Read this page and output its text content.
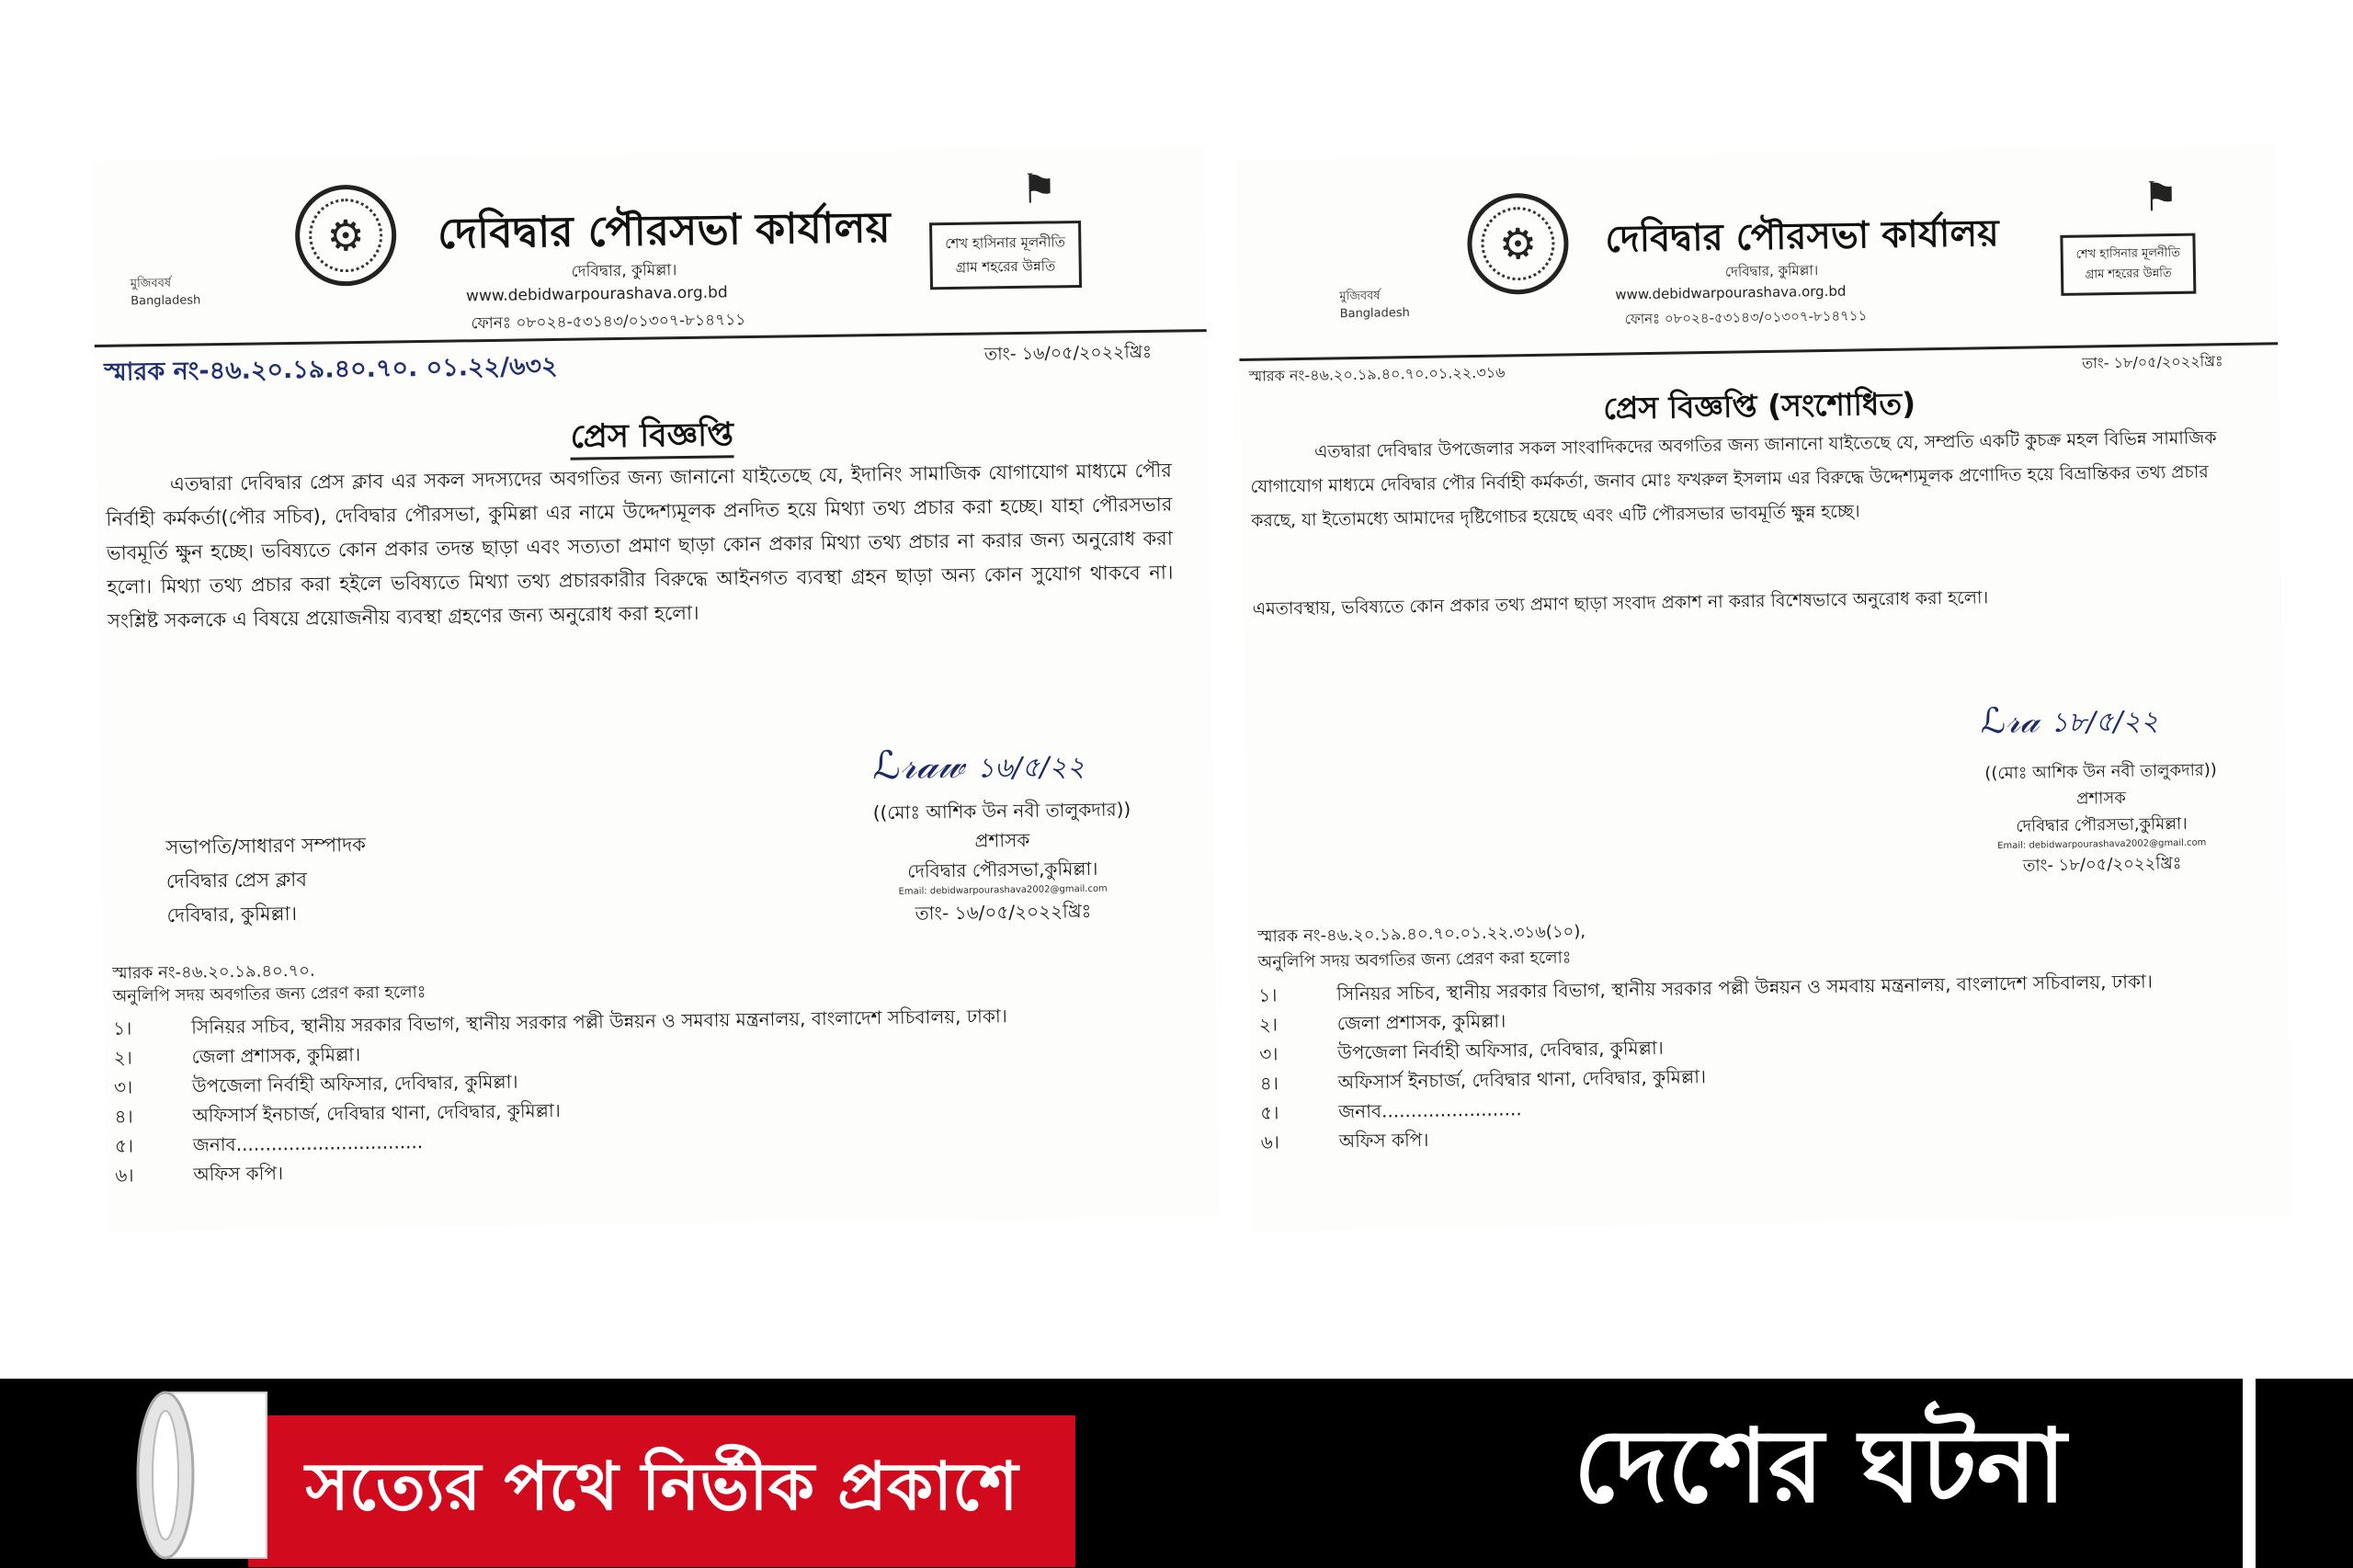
মুজিববর্ষ
Bangladesh
⚙ দেবিদ্বার পৌরসভা কার্যালয়
দেবিদ্বার, কুমিল্লা।
www.debidwarpourashava.org.bd
ফোনঃ ০৮০২৪-৫৩১৪৩/০১৩০৭-৮১৪৭১১
⚑
শেখ হাসিনার মূলনীতি
গ্রাম শহরের উন্নতি
স্মারক নং-৪৬.২০.১৯.৪০.৭০. ০১.২২/৬৩২	তাং- ১৬/০৫/২০২২খ্রিঃ
প্রেস বিজ্ঞপ্তি
এতদ্বারা দেবিদ্বার প্রেস ক্লাব এর সকল সদস্যদের অবগতির জন্য জানানো যাইতেছে যে, ইদানিং সামাজিক যোগাযোগ মাধ্যমে পৌর নির্বাহী কর্মকর্তা(পৌর সচিব), দেবিদ্বার পৌরসভা, কুমিল্লা এর নামে উদ্দেশ্যমূলক প্রনদিত হয়ে মিথ্যা তথ্য প্রচার করা হচ্ছে। যাহা পৌরসভার ভাবমূর্তি ক্ষুন হচ্ছে। ভবিষ্যতে কোন প্রকার তদন্ত ছাড়া এবং সত্যতা প্রমাণ ছাড়া কোন প্রকার মিথ্যা তথ্য প্রচার না করার জন্য অনুরোধ করা হলো। মিথ্যা তথ্য প্রচার করা হইলে ভবিষ্যতে মিথ্যা তথ্য প্রচারকারীর বিরুদ্ধে আইনগত ব্যবস্থা গ্রহন ছাড়া অন্য কোন সুযোগ থাকবে না। সংশ্লিষ্ট সকলকে এ বিষয়ে প্রয়োজনীয় ব্যবস্থা গ্রহণের জন্য অনুরোধ করা হলো।
ℒ𝓇𝒶𝓌 ১৬/৫/২২
((মোঃ আশিক উন নবী তালুকদার))
প্রশাসক
দেবিদ্বার পৌরসভা,কুমিল্লা।
Email: debidwarpourashava2002@gmail.com
তাং- ১৬/০৫/২০২২খ্রিঃ
সভাপতি/সাধারণ সম্পাদক
দেবিদ্বার প্রেস ক্লাব
দেবিদ্বার, কুমিল্লা।
স্মারক নং-৪৬.২০.১৯.৪০.৭০.
অনুলিপি সদয় অবগতির জন্য প্রেরণ করা হলোঃ
১।	সিনিয়র সচিব, স্থানীয় সরকার বিভাগ, স্থানীয় সরকার পল্লী উন্নয়ন ও সমবায় মন্ত্রনালয়, বাংলাদেশ সচিবালয়, ঢাকা।
২।	জেলা প্রশাসক, কুমিল্লা।
৩।	উপজেলা নির্বাহী অফিসার, দেবিদ্বার, কুমিল্লা।
৪।	অফিসার্স ইনচার্জ, দেবিদ্বার থানা, দেবিদ্বার, কুমিল্লা।
৫।	জনাব................................
৬।	অফিস কপি।
মুজিববর্ষ
Bangladesh
⚙ দেবিদ্বার পৌরসভা কার্যালয়
দেবিদ্বার, কুমিল্লা।
www.debidwarpourashava.org.bd
ফোনঃ ০৮০২৪-৫৩১৪৩/০১৩০৭-৮১৪৭১১
⚑
শেখ হাসিনার মূলনীতি
গ্রাম শহরের উন্নতি
স্মারক নং-৪৬.২০.১৯.৪০.৭০.০১.২২.৩১৬
তাং- ১৮/০৫/২০২২খ্রিঃ
প্রেস বিজ্ঞপ্তি (সংশোধিত)
এতদ্বারা দেবিদ্বার উপজেলার সকল সাংবাদিকদের অবগতির জন্য জানানো যাইতেছে যে, সম্প্রতি একটি কুচক্র মহল বিভিন্ন সামাজিক যোগাযোগ মাধ্যমে দেবিদ্বার পৌর নির্বাহী কর্মকর্তা, জনাব মোঃ ফখরুল ইসলাম এর বিরুদ্ধে উদ্দেশ্যমূলক প্রণোদিত হয়ে বিভ্রান্তিকর তথ্য প্রচার করছে, যা ইতোমধ্যে আমাদের দৃষ্টিগোচর হয়েছে এবং এটি পৌরসভার ভাবমূর্তি ক্ষুন্ন হচ্ছে।
এমতাবস্থায়, ভবিষ্যতে কোন প্রকার তথ্য প্রমাণ ছাড়া সংবাদ প্রকাশ না করার বিশেষভাবে অনুরোধ করা হলো।
ℒ𝓇𝒶 ১৮/৫/২২
((মোঃ আশিক উন নবী তালুকদার))
প্রশাসক
দেবিদ্বার পৌরসভা,কুমিল্লা।
Email: debidwarpourashava2002@gmail.com
তাং- ১৮/০৫/২০২২খ্রিঃ
স্মারক নং-৪৬.২০.১৯.৪০.৭০.০১.২২.৩১৬(১০),
অনুলিপি সদয় অবগতির জন্য প্রেরণ করা হলোঃ
১।	সিনিয়র সচিব, স্থানীয় সরকার বিভাগ, স্থানীয় সরকার পল্লী উন্নয়ন ও সমবায় মন্ত্রনালয়, বাংলাদেশ সচিবালয়, ঢাকা।
২।	জেলা প্রশাসক, কুমিল্লা।
৩।	উপজেলা নির্বাহী অফিসার, দেবিদ্বার, কুমিল্লা।
৪।	অফিসার্স ইনচার্জ, দেবিদ্বার থানা, দেবিদ্বার, কুমিল্লা।
৫।	জনাব........................
৬।	অফিস কপি।
সত্যের পথে নির্ভীক প্রকাশে	দেশের ঘটনা
